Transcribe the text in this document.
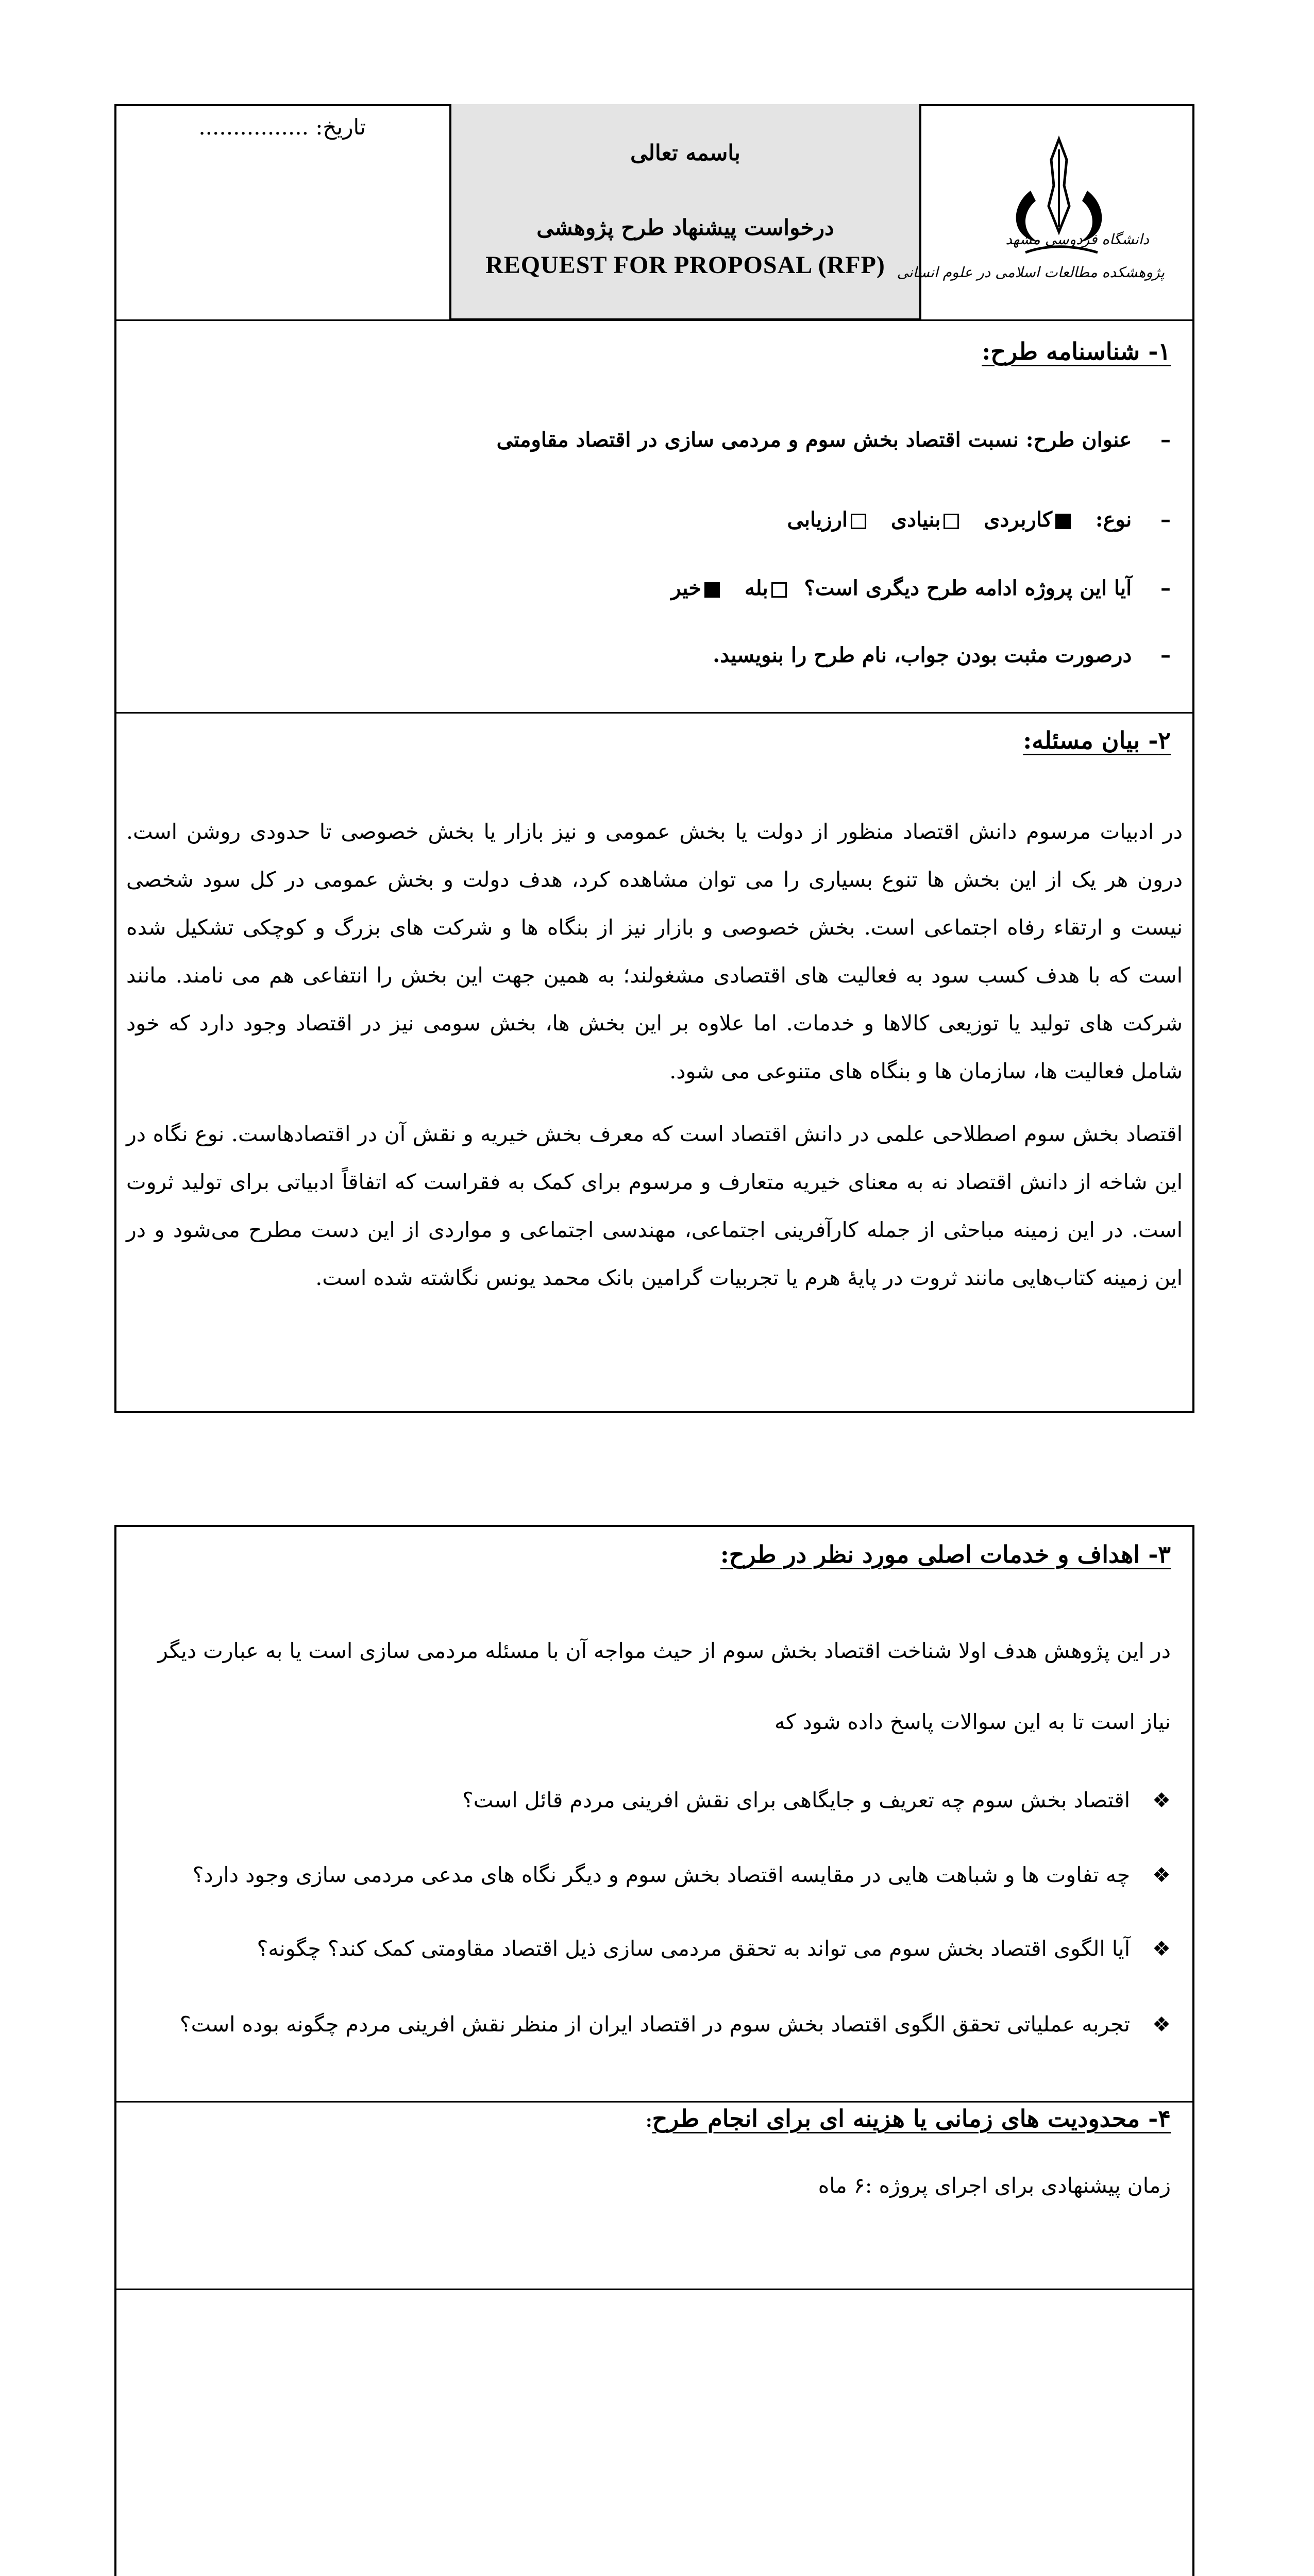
تاریخ: ................
باسمه تعالی
درخواست پیشنهاد طرح پژوهشی
REQUEST FOR PROPOSAL (RFP)
دانشگاه فردوسی مشهد
پژوهشکده مطالعات اسلامی در علوم انسانی
۱- شناسنامه طرح:
–    عنوان طرح: نسبت اقتصاد بخش سوم و مردمی سازی در اقتصاد مقاومتی
–    نوع:   کاربردی   بنیادی   ارزیابی
–    آیا این پروژه ادامه طرح دیگری است؟  بله   خیر
–    درصورت مثبت بودن جواب، نام طرح را بنویسید.
۲- بیان مسئله:
در ادبیات مرسوم دانش اقتصاد منظور از دولت یا بخش عمومی و نیز بازار یا بخش خصوصی تا حدودی روشن است. درون هر یک از این بخش ها تنوع بسیاری را می توان مشاهده کرد، هدف دولت و بخش عمومی در کل سود شخصی نیست و ارتقاء رفاه اجتماعی است. بخش خصوصی و بازار نیز از بنگاه ها و شرکت های بزرگ و کوچکی تشکیل شده است که با هدف کسب سود به فعالیت های اقتصادی مشغولند؛ به همین جهت این بخش را انتفاعی هم می نامند. مانند شرکت های تولید یا توزیعی کالاها و خدمات. اما علاوه بر این بخش ها، بخش سومی نیز در اقتصاد وجود دارد که خود شامل فعالیت ها، سازمان ها و بنگاه های متنوعی می شود.
اقتصاد بخش سوم اصطلاحی علمی در دانش اقتصاد است که معرف بخش خیریه و نقش آن در اقتصادهاست. نوع نگاه در این شاخه از دانش اقتصاد نه به معنای خیریه متعارف و مرسوم برای کمک به فقراست که اتفاقاً ادبیاتی برای تولید ثروت است. در این زمینه مباحثی از جمله کارآفرینی اجتماعی، مهندسی اجتماعی و مواردی از این دست مطرح می‌شود و در این زمینه کتاب‌هایی مانند ثروت در پایۀ هرم یا تجربیات گرامین بانک محمد یونس نگاشته شده است.
۳- اهداف و خدمات اصلی مورد نظر در طرح:
در این پژوهش هدف اولا شناخت اقتصاد بخش سوم از حیث مواجه آن با مسئله مردمی سازی است یا به عبارت دیگر
نیاز است تا به این سوالات پاسخ داده شود که
❖ اقتصاد بخش سوم چه تعریف و جایگاهی برای نقش افرینی مردم قائل است؟
❖ چه تفاوت ها و شباهت هایی در مقایسه اقتصاد بخش سوم و دیگر نگاه های مدعی مردمی سازی وجود دارد؟
❖ آیا الگوی اقتصاد بخش سوم می تواند به تحقق مردمی سازی ذیل اقتصاد مقاومتی کمک کند؟ چگونه؟
❖ تجربه عملیاتی تحقق الگوی اقتصاد بخش سوم در اقتصاد ایران از منظر نقش افرینی مردم چگونه بوده است؟
۴- محدودیت های زمانی یا هزینه ای برای انجام طرح:
زمان پیشنهادی برای اجرای پروژه :۶ ماه
